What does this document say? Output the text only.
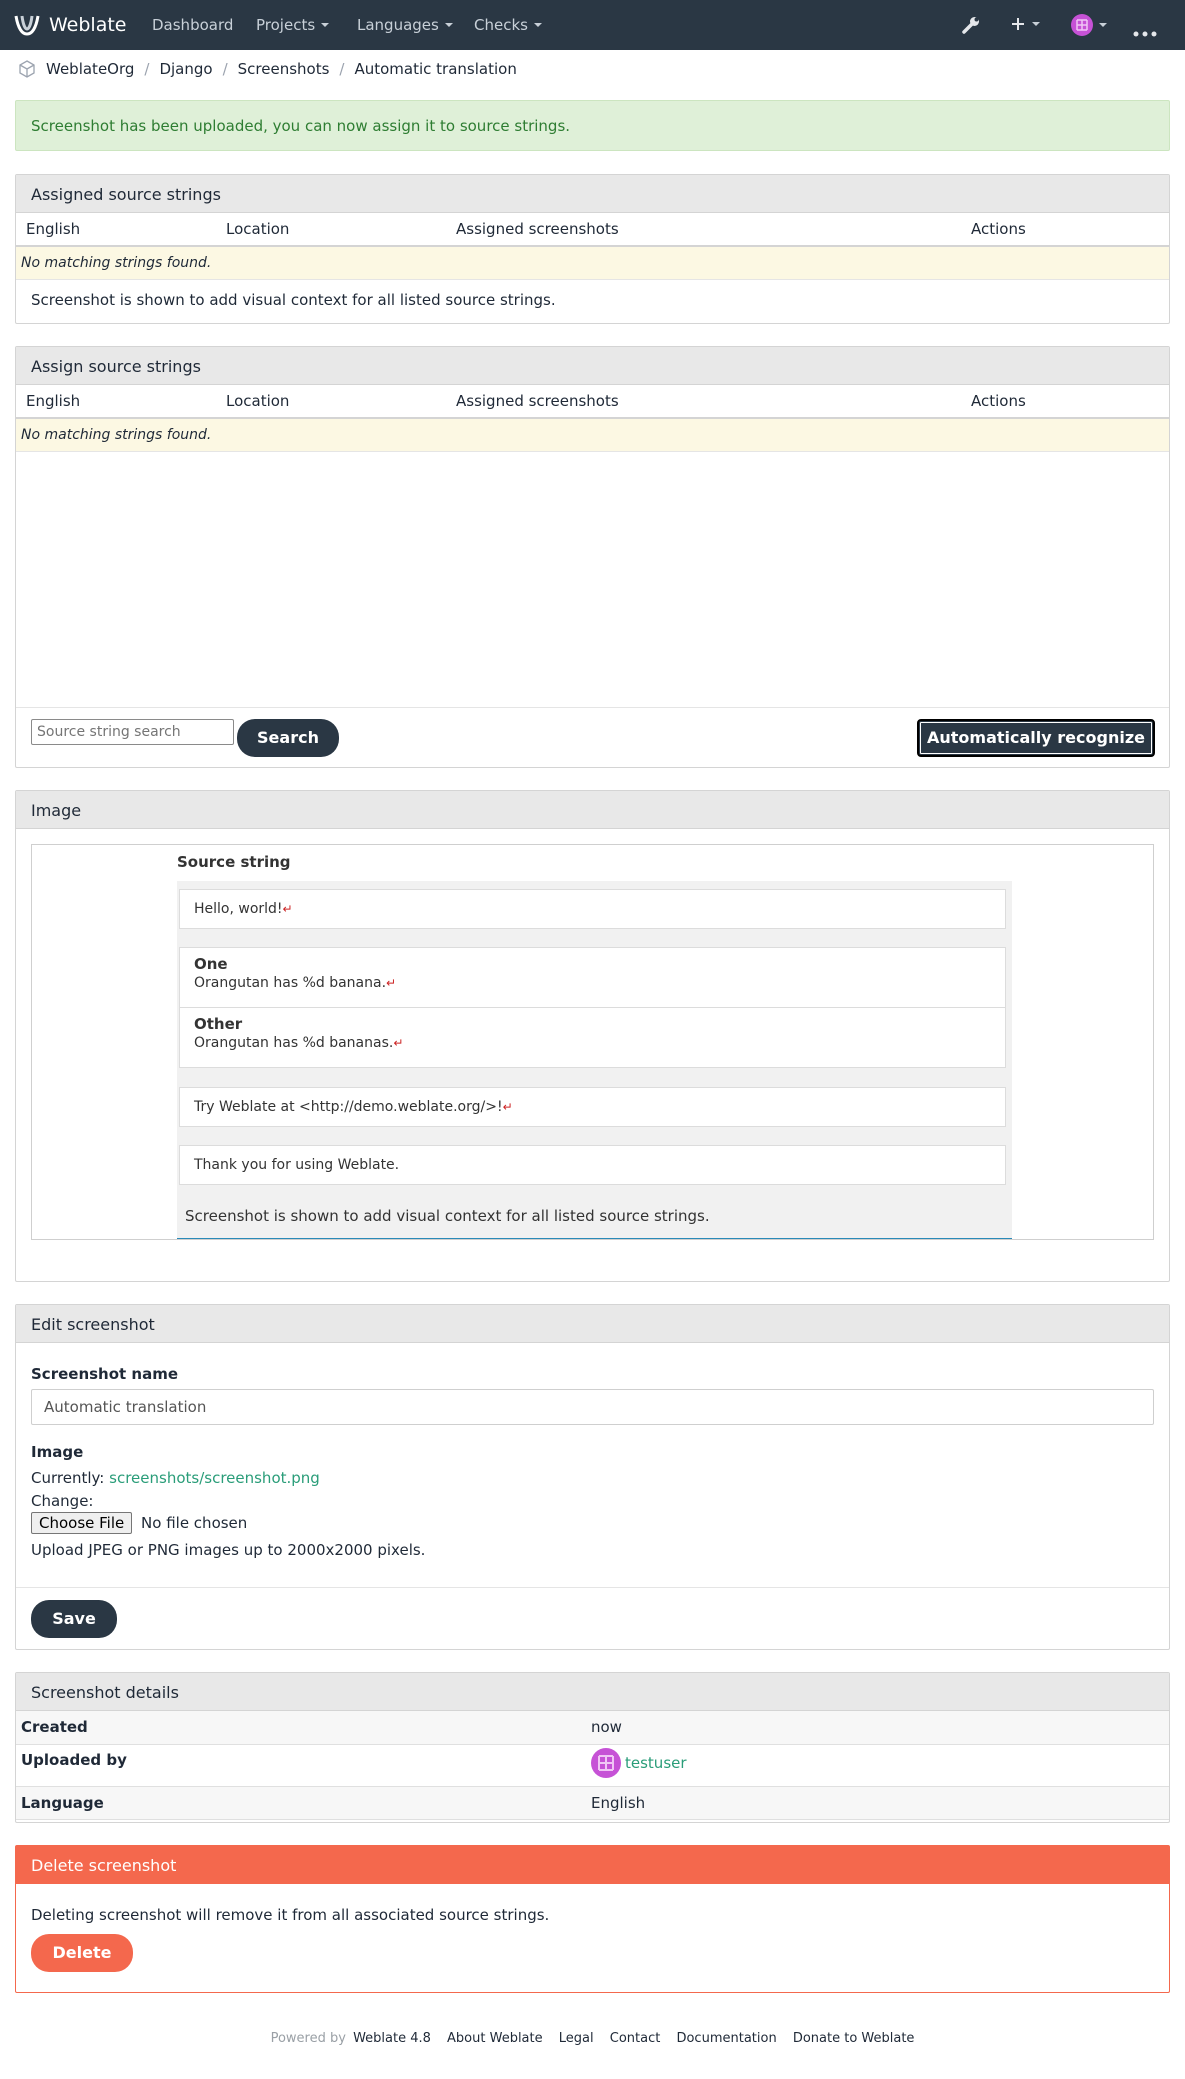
Weblate Dashboard Projects	Languages	Checks
WeblateOrg / Django / Screenshots / Automatic translation
Screenshot has been uploaded, you can now assign it to source strings.
Assigned source strings
English	Location	Assigned screenshots	Actions
No matching strings found.
Screenshot is shown to add visual context for all listed source strings.
Assign source strings
English	Location	Assigned screenshots	Actions
No matching strings found.
Source string search
Search	Automatically recognize
Image
Source string
Hello, world!↵
One
Orangutan has %d banana.↵
Other
Orangutan has %d bananas.↵
Try Weblate at <http://demo.weblate.org/>!↵
Thank you for using Weblate.
Screenshot is shown to add visual context for all listed source strings.
Edit screenshot
Screenshot name
Automatic translation
Image
Currently: screenshots/screenshot.png
Change:
Choose File No file chosen
Upload JPEG or PNG images up to 2000x2000 pixels.
Save
Screenshot details
Created	now
Uploaded by	testuser

Language	English
Delete screenshot
Deleting screenshot will remove it from all associated source strings.
Delete
Powered by Weblate 4.8 About Weblate Legal Contact Documentation Donate to Weblate
